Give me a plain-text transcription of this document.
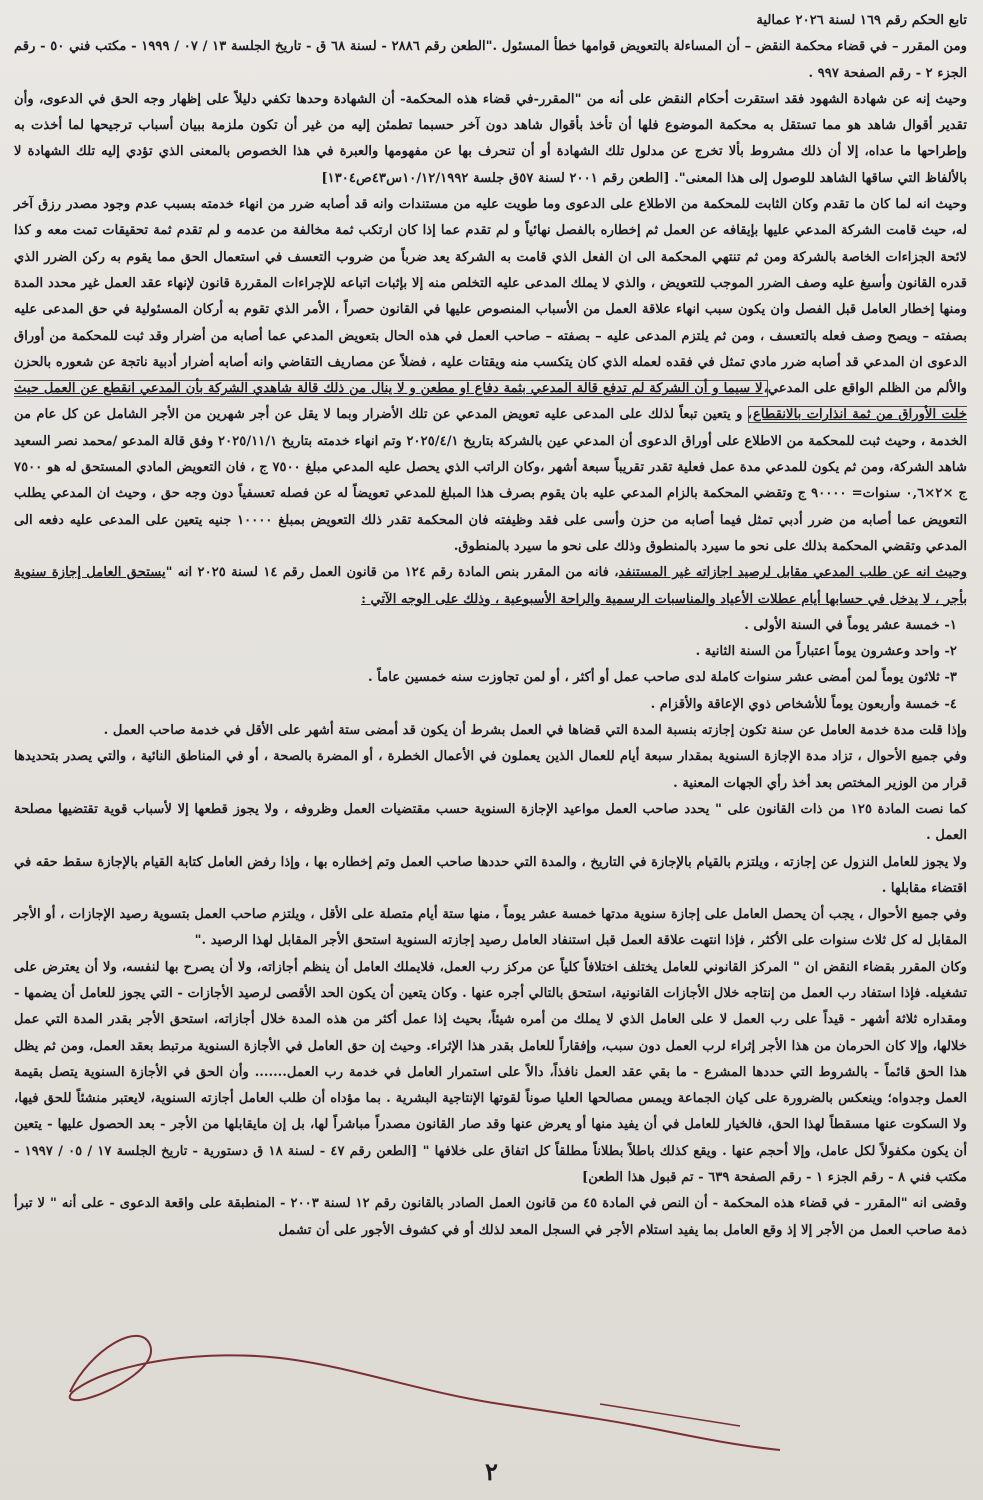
تابع الحكم رقم ١٦٩ لسنة ٢٠٢٦ عمالية

ومن المقرر – في قضاء محكمة النقض – أن المساءلة بالتعويض قوامها خطأ المسئول ."الطعن رقم ٢٨٨٦ - لسنة ٦٨ ق - تاريخ الجلسة ١٣ / ٠٧ / ١٩٩٩ - مكتب فني ٥٠ - رقم الجزء ٢ - رقم الصفحة ٩٩٧ .

وحيث إنه عن شهادة الشهود فقد استقرت أحكام النقض على أنه من "المقرر-في قضاء هذه المحكمة- أن الشهادة وحدها تكفي دليلاً على إظهار وجه الحق في الدعوى، وأن تقدير أقوال شاهد هو مما تستقل به محكمة الموضوع فلها أن تأخذ بأقوال شاهد دون آخر حسبما تطمئن إليه من غير أن تكون ملزمة ببيان أسباب ترجيحها لما أخذت به وإطراحها ما عداه، إلا أن ذلك مشروط بألا تخرج عن مدلول تلك الشهادة أو أن تنحرف بها عن مفهومها والعبرة في هذا الخصوص بالمعنى الذي تؤدي إليه تلك الشهادة لا بالألفاظ التي ساقها الشاهد للوصول إلى هذا المعنى". [الطعن رقم ٢٠٠١ لسنة ٥٧ق جلسة ١٠/١٢/١٩٩٢س٤٣ص١٣٠٤]

وحيث انه لما كان ما تقدم وكان الثابت للمحكمة من الاطلاع على الدعوى وما طويت عليه من مستندات وانه قد أصابه ضرر من انهاء خدمته بسبب عدم وجود مصدر رزق آخر له، حيث قامت الشركة المدعي عليها بإيقافه عن العمل ثم إخطاره بالفصل نهائياً و لم تقدم عما إذا كان ارتكب ثمة مخالفة من عدمه و لم تقدم ثمة تحقيقات تمت معه و كذا لائحة الجزاءات الخاصة بالشركة ومن ثم تنتهي المحكمة الى ان الفعل الذي قامت به الشركة يعد ضرباً من ضروب التعسف في استعمال الحق مما يقوم به ركن الضرر الذي قدره القانون وأسبغ عليه وصف الضرر الموجب للتعويض ، والذي لا يملك المدعى عليه التخلص منه إلا بإثبات اتباعه للإجراءات المقررة قانون لإنهاء عقد العمل غير محدد المدة ومنها إخطار العامل قبل الفصل وان يكون سبب انهاء علاقة العمل من الأسباب المنصوص عليها في القانون حصراً ، الأمر الذي تقوم به أركان المسئولية في حق المدعى عليه بصفته – ويصح وصف فعله بالتعسف ، ومن ثم يلتزم المدعى عليه – بصفته – صاحب العمل في هذه الحال بتعويض المدعي عما أصابه من أضرار وقد ثبت للمحكمة من أوراق الدعوى ان المدعي قد أصابه ضرر مادي تمثل في فقده لعمله الذي كان يتكسب منه ويقتات عليه ، فضلاً عن مصاريف التقاضي وانه أصابه أضرار أدبية ناتجة عن شعوره بالحزن والألم من الظلم الواقع على المدعي،لا سيما و أن الشركة لم تدفع قالة المدعي بثمة دفاع او مطعن و لا ينال من ذلك قالة شاهدي الشركة بأن المدعي انقطع عن العمل حيث خلت الأوراق من ثمة انذارات بالانقطاع، و يتعين تبعاً لذلك على المدعى عليه تعويض المدعي عن تلك الأضرار وبما لا يقل عن أجر شهرين من الأجر الشامل عن كل عام من الخدمة ، وحيث ثبت للمحكمة من الاطلاع على أوراق الدعوى أن المدعي عين بالشركة بتاريخ ٢٠٢٥/٤/١ وتم انهاء خدمته بتاريخ ٢٠٢٥/١١/١ وفق قالة المدعو /محمد نصر السعيد شاهد الشركة، ومن ثم يكون للمدعي مدة عمل فعلية تقدر تقريباً سبعة أشهر ،وكان الراتب الذي يحصل عليه المدعي مبلغ ٧٥٠٠ ج ، فان التعويض المادي المستحق له هو ٧٥٠٠ ج ×٢×٠,٦ سنوات= ٩٠٠٠٠ ج وتقضي المحكمة بالزام المدعي عليه بان يقوم بصرف هذا المبلغ للمدعي تعويضاً له عن فصله تعسفياً دون وجه حق ، وحيث ان المدعي يطلب التعويض عما أصابه من ضرر أدبي تمثل فيما أصابه من حزن وأسى على فقد وظيفته فان المحكمة تقدر ذلك التعويض بمبلغ ١٠٠٠٠ جنيه يتعين على المدعى عليه دفعه الى المدعي وتقضي المحكمة بذلك على نحو ما سيرد بالمنطوق وذلك على نحو ما سيرد بالمنطوق.

وحيث انه عن طلب المدعي مقابل لرصيد اجازاته غير المستنفد، فانه من المقرر بنص المادة رقم ١٢٤ من قانون العمل رقم ١٤ لسنة ٢٠٢٥ انه "يستحق العامل إجازة سنوية بأجر ، لا يدخل في حسابها أيام عطلات الأعياد والمناسبات الرسمية والراحة الأسبوعية ، وذلك على الوجه الآتي :

١- خمسة عشر يوماً في السنة الأولى .

٢- واحد وعشرون يوماً اعتباراً من السنة الثانية .

٣- ثلاثون يوماً لمن أمضى عشر سنوات كاملة لدى صاحب عمل أو أكثر ، أو لمن تجاوزت سنه خمسين عاماً .

٤- خمسة وأربعون يوماً للأشخاص ذوي الإعاقة والأقزام .

وإذا قلت مدة خدمة العامل عن سنة تكون إجازته بنسبة المدة التي قضاها في العمل بشرط أن يكون قد أمضى ستة أشهر على الأقل في خدمة صاحب العمل .

وفي جميع الأحوال ، تزاد مدة الإجازة السنوية بمقدار سبعة أيام للعمال الذين يعملون في الأعمال الخطرة ، أو المضرة بالصحة ، أو في المناطق النائية ، والتي يصدر بتحديدها قرار من الوزير المختص بعد أخذ رأي الجهات المعنية .

كما نصت المادة ١٢٥ من ذات القانون على " يحدد صاحب العمل مواعيد الإجازة السنوية حسب مقتضيات العمل وظروفه ، ولا يجوز قطعها إلا لأسباب قوية تقتضيها مصلحة العمل .

ولا يجوز للعامل النزول عن إجازته ، ويلتزم بالقيام بالإجازة في التاريخ ، والمدة التي حددها صاحب العمل وتم إخطاره بها ، وإذا رفض العامل كتابة القيام بالإجازة سقط حقه في اقتضاء مقابلها .

وفي جميع الأحوال ، يجب أن يحصل العامل على إجازة سنوية مدتها خمسة عشر يوماً ، منها ستة أيام متصلة على الأقل ، ويلتزم صاحب العمل بتسوية رصيد الإجازات ، أو الأجر المقابل له كل ثلاث سنوات على الأكثر ، فإذا انتهت علاقة العمل قبل استنفاد العامل رصيد إجازته السنوية استحق الأجر المقابل لهذا الرصيد ."

وكان المقرر بقضاء النقض ان " المركز القانوني للعامل يختلف اختلافاً كلياً عن مركز رب العمل، فلايملك العامل أن ينظم أجازاته، ولا أن يصرح بها لنفسه، ولا أن يعترض على تشغيله. فإذا استفاد رب العمل من إنتاجه خلال الأجازات القانونية، استحق بالتالي أجره عنها . وكان يتعين أن يكون الحد الأقصى لرصيد الأجازات - التي يجوز للعامل أن يضمها - ومقداره ثلاثة أشهر - قيداً على رب العمل لا على العامل الذي لا يملك من أمره شيئاً، بحيث إذا عمل أكثر من هذه المدة خلال أجازاته، استحق الأجر بقدر المدة التي عمل خلالها، وإلا كان الحرمان من هذا الأجر إثراء لرب العمل دون سبب، وإفقاراً للعامل بقدر هذا الإثراء. وحيث إن حق العامل في الأجازة السنوية مرتبط بعقد العمل، ومن ثم يظل هذا الحق قائماً - بالشروط التي حددها المشرع - ما بقي عقد العمل نافذاً، دالاً على استمرار العامل في خدمة رب العمل....... وأن الحق في الأجازة السنوية يتصل بقيمة العمل وجدواه؛ وينعكس بالضرورة على كيان الجماعة ويمس مصالحها العليا صوناً لقوتها الإنتاجية البشرية . بما مؤداه أن طلب العامل أجازته السنوية، لايعتبر منشئاً للحق فيها، ولا السكوت عنها مسقطاً لهذا الحق، فالخيار للعامل في أن يفيد منها أو يعرض عنها وقد صار القانون مصدراً مباشراً لها، بل إن مايقابلها من الأجر - بعد الحصول عليها - يتعين أن يكون مكفولاً لكل عامل، وإلا أحجم عنها . ويقع كذلك باطلاً بطلاناً مطلقاً كل اتفاق على خلافها " [الطعن رقم ٤٧ - لسنة ١٨ ق دستورية - تاريخ الجلسة ١٧ / ٠٥ / ١٩٩٧ - مكتب فني ٨ - رقم الجزء ١ - رقم الصفحة ٦٣٩ - تم قبول هذا الطعن]

وقضى انه "المقرر - في قضاء هذه المحكمة - أن النص في المادة ٤٥ من قانون العمل الصادر بالقانون رقم ١٢ لسنة ٢٠٠٣ - المنطبقة على واقعة الدعوى - على أنه " لا تبرأ ذمة صاحب العمل من الأجر إلا إذ وقع العامل بما يفيد استلام الأجر في السجل المعد لذلك أو في كشوف الأجور على أن تشمل

٢
